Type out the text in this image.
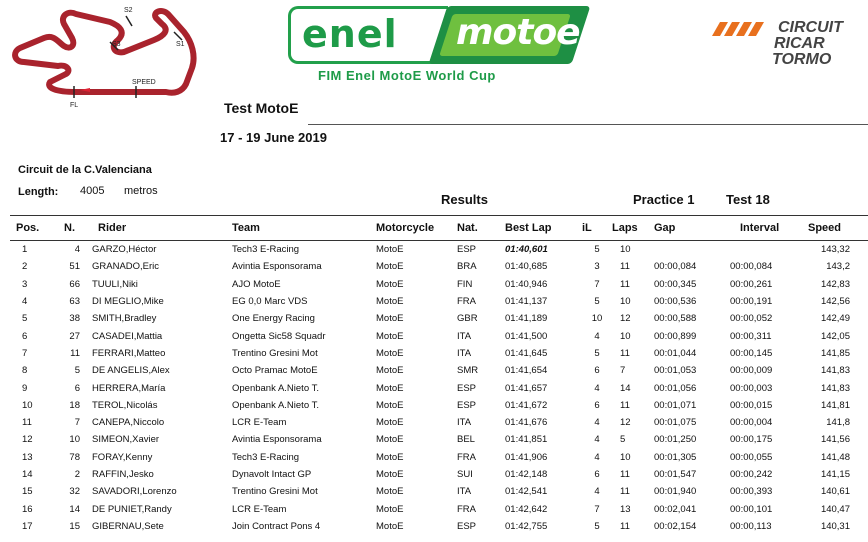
S2
S1
S3
SPEED
FL
enel motoe
FIM Enel MotoE World Cup
CIRCUIT
RICAR
TORMO
Test MotoE
17 - 19 June 2019
Circuit de la C.Valenciana
Length: 4005 metros
Results	Practice 1 Test 18
Pos.	N.	Rider	Team	Motorcycle	Nat.	Best Lap	iL	Laps	Gap	Interval	Speed
1	4	GARZO,Héctor	Tech3 E-Racing	MotoE	ESP	01:40,601	5	10			143,32
2	51	GRANADO,Eric	Avintia Esponsorama	MotoE	BRA	01:40,685	3	11	00:00,084	00:00,084	143,2
3	66	TUULI,Niki	AJO MotoE	MotoE	FIN	01:40,946	7	11	00:00,345	00:00,261	142,83
4	63	DI MEGLIO,Mike	EG 0,0 Marc VDS	MotoE	FRA	01:41,137	5	10	00:00,536	00:00,191	142,56
5	38	SMITH,Bradley	One Energy Racing	MotoE	GBR	01:41,189	10	12	00:00,588	00:00,052	142,49
6	27	CASADEI,Mattia	Ongetta Sic58 Squadr	MotoE	ITA	01:41,500	4	10	00:00,899	00:00,311	142,05
7	11	FERRARI,Matteo	Trentino Gresini Mot	MotoE	ITA	01:41,645	5	11	00:01,044	00:00,145	141,85
8	5	DE ANGELIS,Alex	Octo Pramac MotoE	MotoE	SMR	01:41,654	6	7	00:01,053	00:00,009	141,83
9	6	HERRERA,María	Openbank A.Nieto T.	MotoE	ESP	01:41,657	4	14	00:01,056	00:00,003	141,83
10	18	TEROL,Nicolás	Openbank A.Nieto T.	MotoE	ESP	01:41,672	6	11	00:01,071	00:00,015	141,81
11	7	CANEPA,Niccolo	LCR E-Team	MotoE	ITA	01:41,676	4	12	00:01,075	00:00,004	141,8
12	10	SIMEON,Xavier	Avintia Esponsorama	MotoE	BEL	01:41,851	4	5	00:01,250	00:00,175	141,56
13	78	FORAY,Kenny	Tech3 E-Racing	MotoE	FRA	01:41,906	4	10	00:01,305	00:00,055	141,48
14	2	RAFFIN,Jesko	Dynavolt Intact GP	MotoE	SUI	01:42,148	6	11	00:01,547	00:00,242	141,15
15	32	SAVADORI,Lorenzo	Trentino Gresini Mot	MotoE	ITA	01:42,541	4	11	00:01,940	00:00,393	140,61
16	14	DE PUNIET,Randy	LCR E-Team	MotoE	FRA	01:42,642	7	13	00:02,041	00:00,101	140,47
17	15	GIBERNAU,Sete	Join Contract Pons 4	MotoE	ESP	01:42,755	5	11	00:02,154	00:00,113	140,31
